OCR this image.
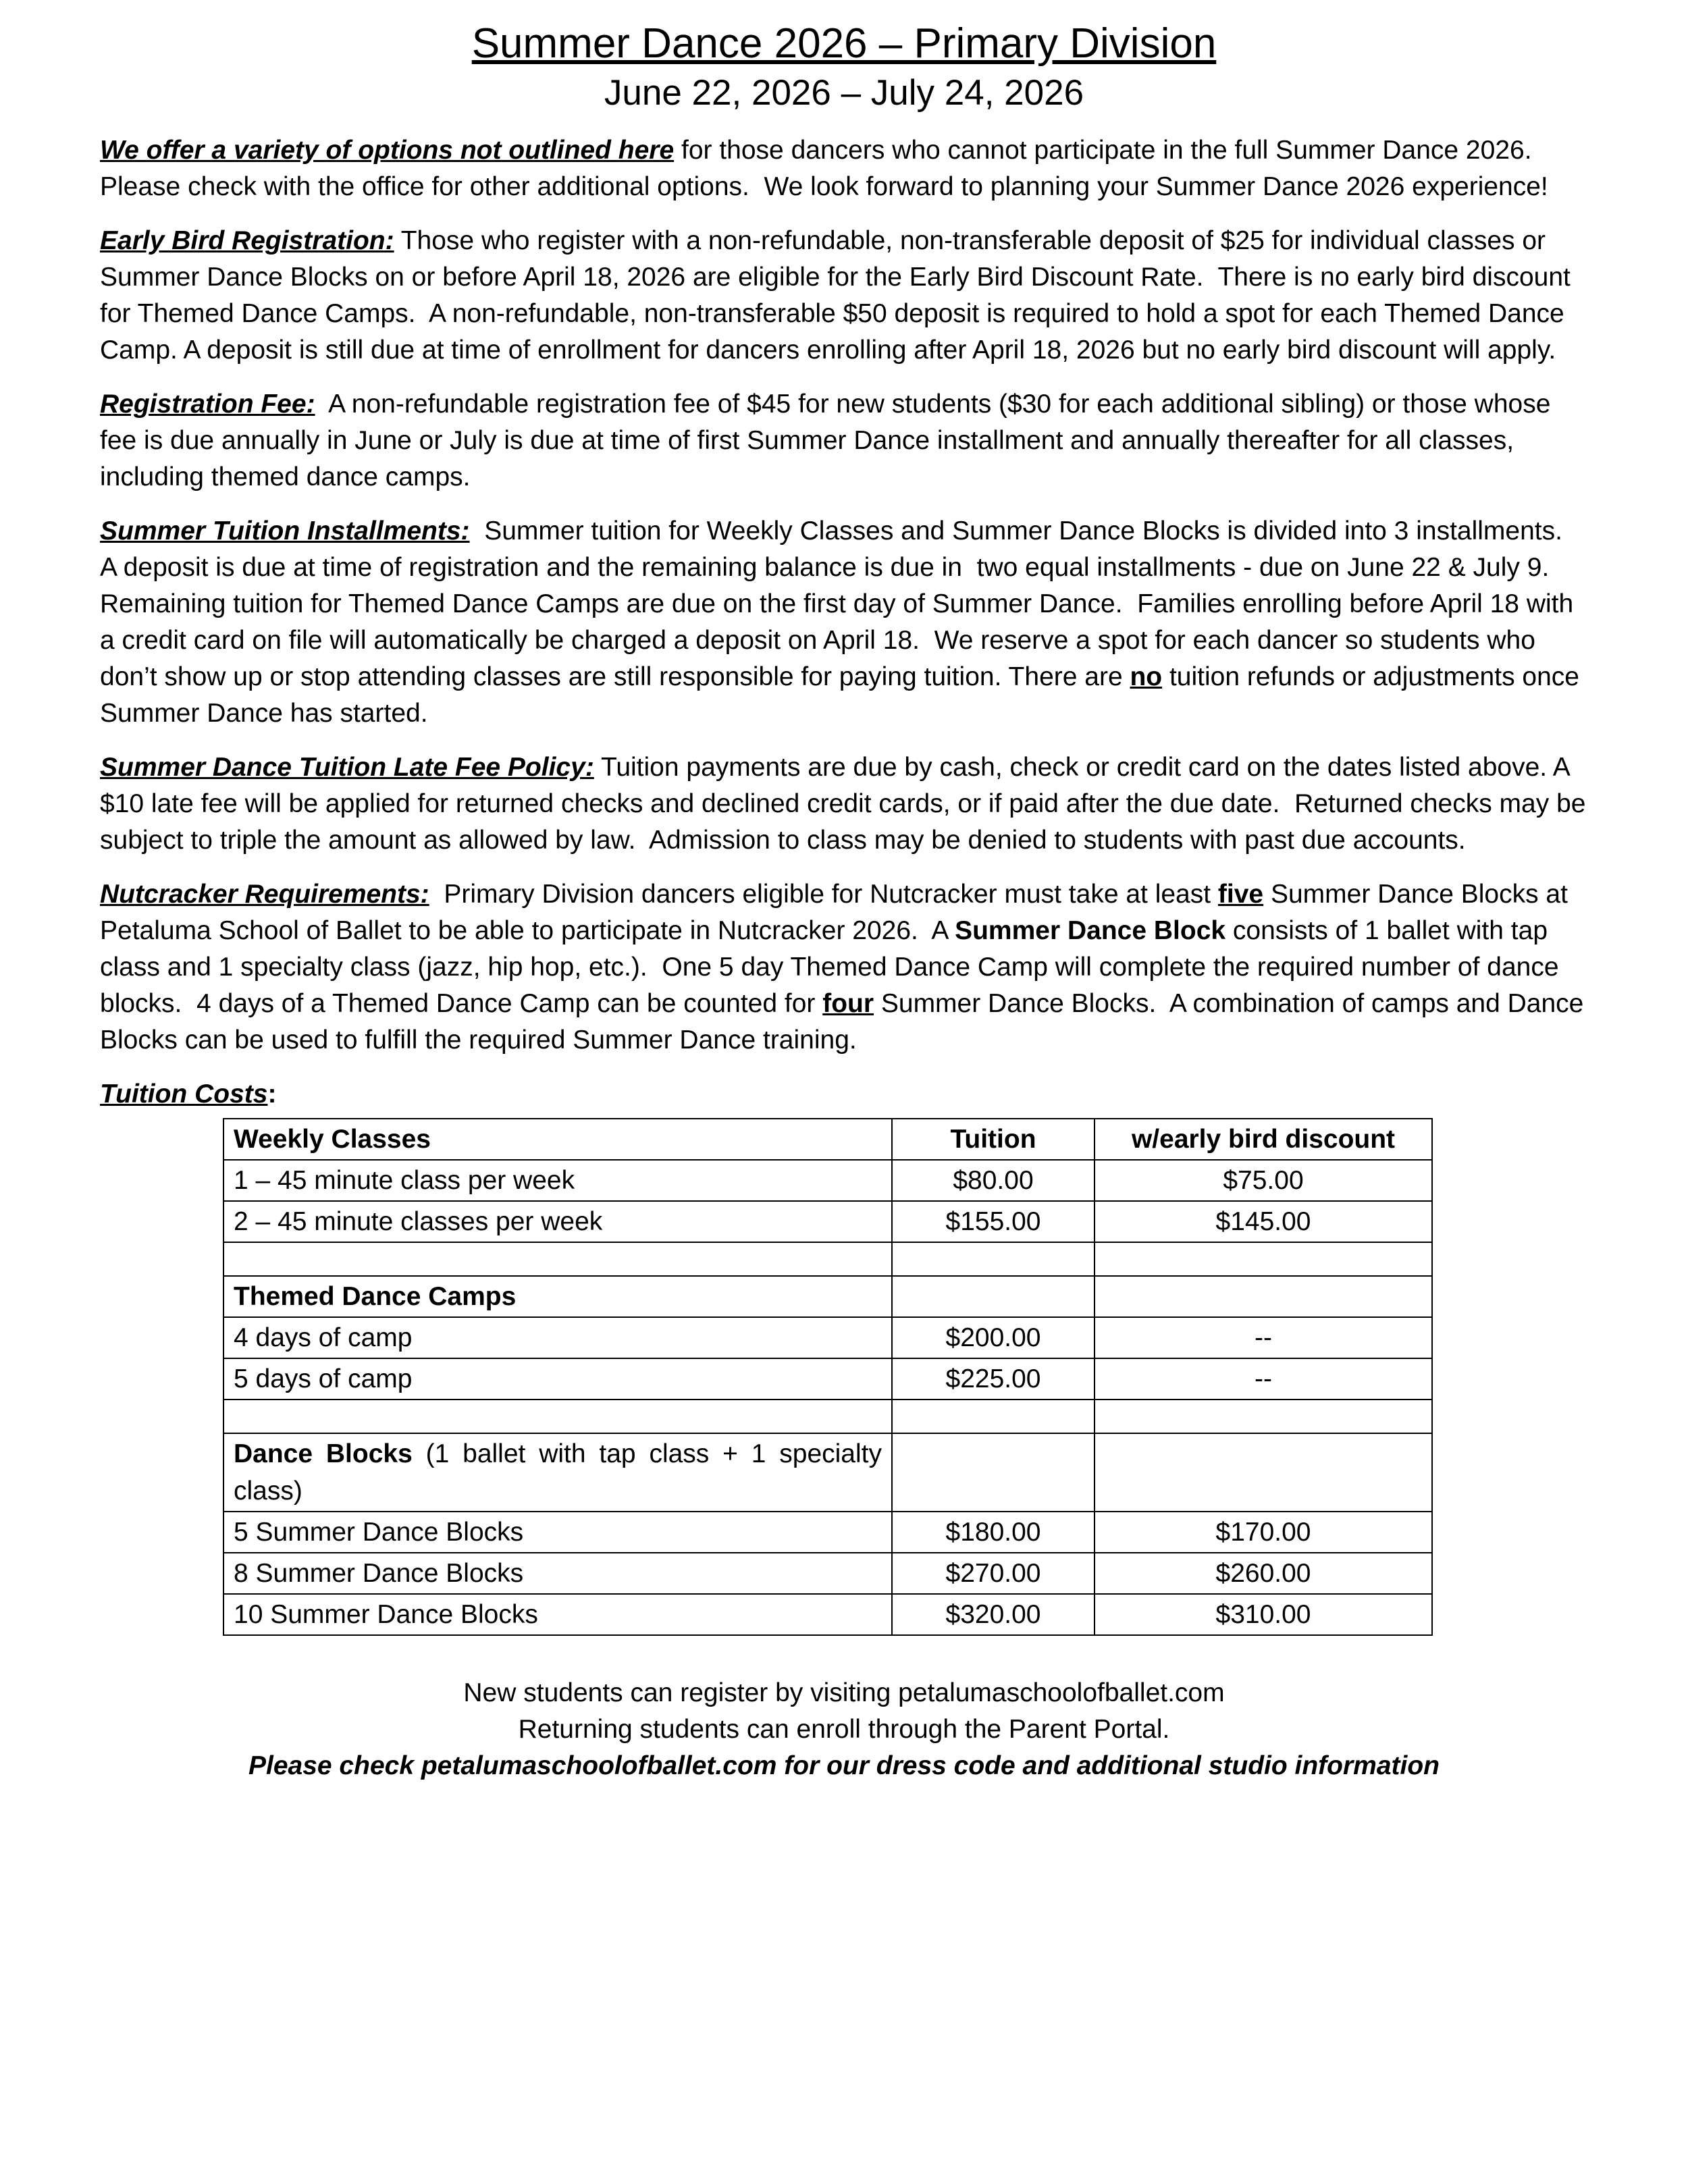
Summer Dance 2026 – Primary Division
June 22, 2026 – July 24, 2026

We offer a variety of options not outlined here for those dancers who cannot participate in the full Summer Dance 2026. Please check with the office for other additional options.  We look forward to planning your Summer Dance 2026 experience!

Early Bird Registration: Those who register with a non-refundable, non-transferable deposit of $25 for individual classes or Summer Dance Blocks on or before April 18, 2026 are eligible for the Early Bird Discount Rate.  There is no early bird discount for Themed Dance Camps.  A non-refundable, non-transferable $50 deposit is required to hold a spot for each Themed Dance Camp. A deposit is still due at time of enrollment for dancers enrolling after April 18, 2026 but no early bird discount will apply.

Registration Fee:  A non-refundable registration fee of $45 for new students ($30 for each additional sibling) or those whose fee is due annually in June or July is due at time of first Summer Dance installment and annually thereafter for all classes, including themed dance camps.

Summer Tuition Installments:  Summer tuition for Weekly Classes and Summer Dance Blocks is divided into 3 installments.  A deposit is due at time of registration and the remaining balance is due in  two equal installments - due on June 22 & July 9.  Remaining tuition for Themed Dance Camps are due on the first day of Summer Dance.  Families enrolling before April 18 with a credit card on file will automatically be charged a deposit on April 18.  We reserve a spot for each dancer so students who don’t show up or stop attending classes are still responsible for paying tuition. There are no tuition refunds or adjustments once Summer Dance has started.

Summer Dance Tuition Late Fee Policy: Tuition payments are due by cash, check or credit card on the dates listed above. A $10 late fee will be applied for returned checks and declined credit cards, or if paid after the due date.  Returned checks may be subject to triple the amount as allowed by law.  Admission to class may be denied to students with past due accounts.

Nutcracker Requirements:  Primary Division dancers eligible for Nutcracker must take at least five Summer Dance Blocks at Petaluma School of Ballet to be able to participate in Nutcracker 2026.  A Summer Dance Block consists of 1 ballet with tap class and 1 specialty class (jazz, hip hop, etc.).  One 5 day Themed Dance Camp will complete the required number of dance blocks.  4 days of a Themed Dance Camp can be counted for four Summer Dance Blocks.  A combination of camps and Dance Blocks can be used to fulfill the required Summer Dance training.

Tuition Costs:

Weekly Classes	Tuition	w/early bird discount
1 – 45 minute class per week	$80.00	$75.00
2 – 45 minute classes per week	$155.00	$145.00

Themed Dance Camps		
4 days of camp	$200.00	--
5 days of camp	$225.00	--

Dance Blocks (1 ballet with tap class + 1 specialty class)		
5 Summer Dance Blocks	$180.00	$170.00
8 Summer Dance Blocks	$270.00	$260.00
10 Summer Dance Blocks	$320.00	$310.00

New students can register by visiting petalumaschoolofballet.com

Returning students can enroll through the Parent Portal.

Please check petalumaschoolofballet.com for our dress code and additional studio information
